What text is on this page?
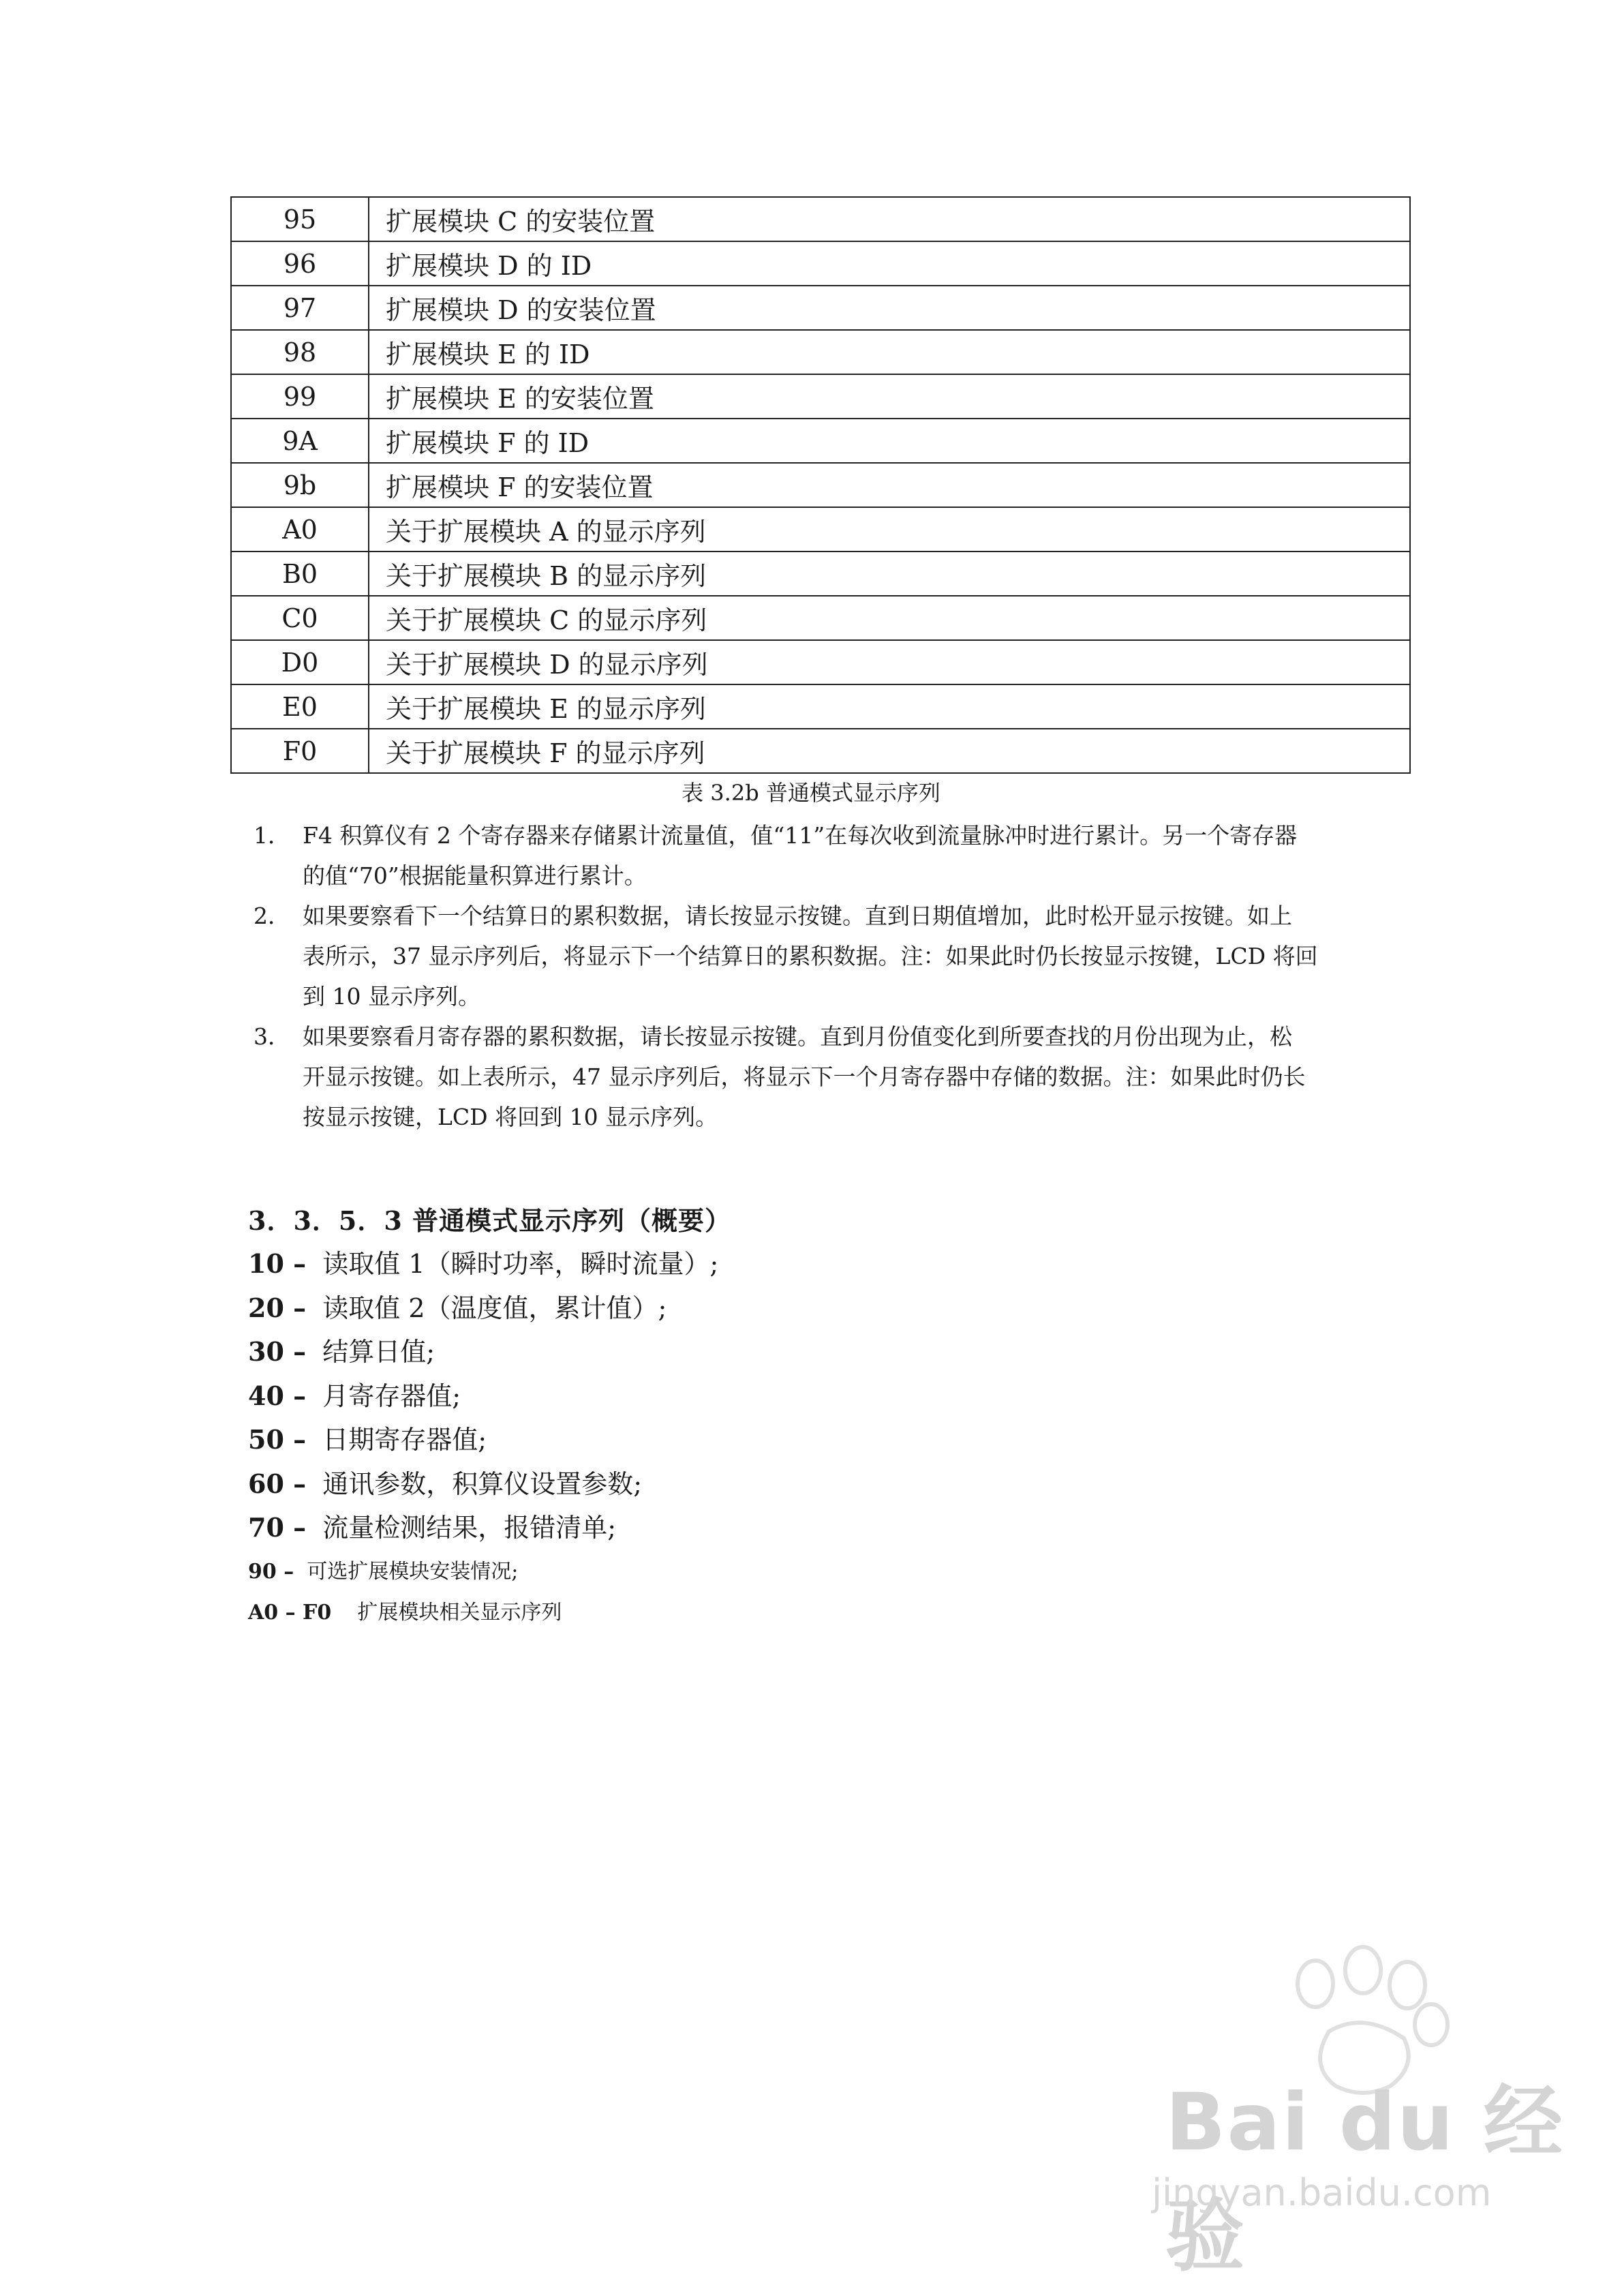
95	扩展模块 C 的安装位置
96	扩展模块 D 的 ID
97	扩展模块 D 的安装位置
98	扩展模块 E 的 ID
99	扩展模块 E 的安装位置
9A	扩展模块 F 的 ID
9b	扩展模块 F 的安装位置
A0	关于扩展模块 A 的显示序列
B0	关于扩展模块 B 的显示序列
C0	关于扩展模块 C 的显示序列
D0	关于扩展模块 D 的显示序列
E0	关于扩展模块 E 的显示序列
F0	关于扩展模块 F 的显示序列
表 3.2b 普通模式显示序列
1． F4 积算仪有 2 个寄存器来存储累计流量值，值“11”在每次收到流量脉冲时进行累计。另一个寄存器
的值“70”根据能量积算进行累计。
2． 如果要察看下一个结算日的累积数据，请长按显示按键。直到日期值增加，此时松开显示按键。如上
表所示，37 显示序列后，将显示下一个结算日的累积数据。注：如果此时仍长按显示按键，LCD 将回
到 10 显示序列。
3． 如果要察看月寄存器的累积数据，请长按显示按键。直到月份值变化到所要查找的月份出现为止，松
开显示按键。如上表所示，47 显示序列后，将显示下一个月寄存器中存储的数据。注：如果此时仍长
按显示按键，LCD 将回到 10 显示序列。
3．3．5．3 普通模式显示序列（概要）
10 – 读取值 1（瞬时功率，瞬时流量）;
20 – 读取值 2（温度值，累计值）;
30 – 结算日值;
40 – 月寄存器值;
50 – 日期寄存器值;
60 – 通讯参数，积算仪设置参数;
70 – 流量检测结果，报错清单;
90 – 可选扩展模块安装情况;
A0 – F0 扩展模块相关显示序列
Bai du 经验
jingyan.baidu.com
